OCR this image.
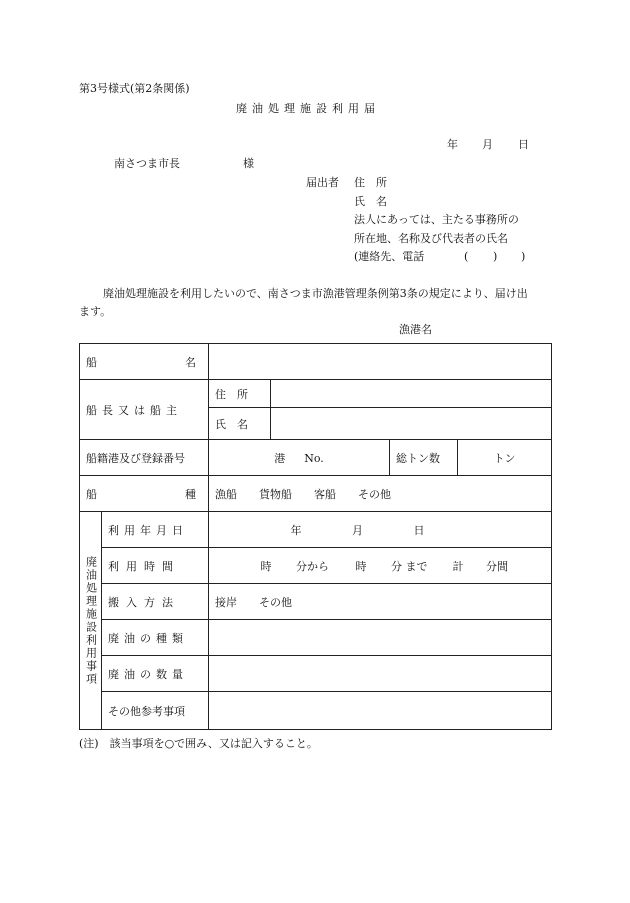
第3号様式(第2条関係)
廃油処理施設利用届
年 月 日
南さつま市長	様
届出者 住　所
氏　名
法人にあっては、主たる事務所の
所在地、名称及び代表者の氏名
(連絡先、電話	( ) )
廃油処理施設を利用したいので、南さつま市漁港管理条例第3条の規定により、届け出
ます。
漁港名
船 名					

船長又は船主		住　所			
		氏　名			
船籍港及び登録番号		港 No.		総トン数	トン

船 種		漁船　　貨物船　　客船　　その他			
廃油処理施設利用事項	利用年月日	年 月 日			
	利用時間	時 分から 時 分 まで 計 分間			
	搬入方法	接岸　　その他			
	廃油の種類				
	廃油の数量				
	その他参考事項				
(注)　該当事項を○で囲み、又は記入すること。
